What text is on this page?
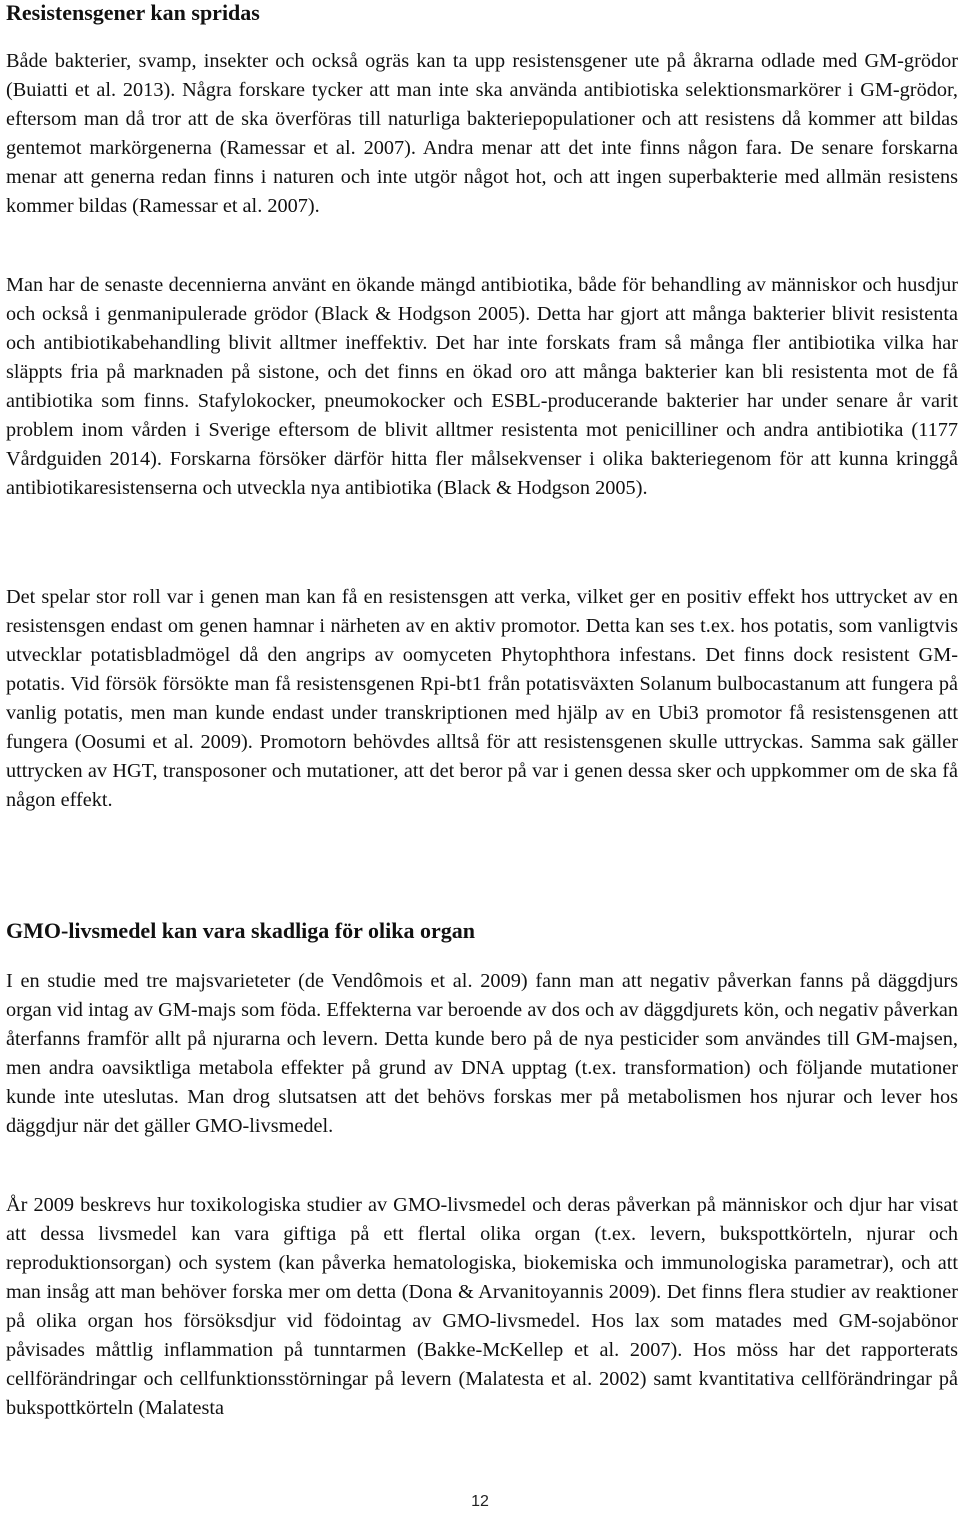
Resistensgener kan spridas

Både bakterier, svamp, insekter och också ogräs kan ta upp resistensgener ute på åkrarna odlade med GM-grödor (Buiatti et al. 2013). Några forskare tycker att man inte ska använda antibiotiska selektionsmarkörer i GM-grödor, eftersom man då tror att de ska överföras till naturliga bakteriepopulationer och att resistens då kommer att bildas gentemot markörgenerna (Ramessar et al. 2007). Andra menar att det inte finns någon fara. De senare forskarna menar att generna redan finns i naturen och inte utgör något hot, och att ingen superbakterie med allmän resistens kommer bildas (Ramessar et al. 2007).

Man har de senaste decennierna använt en ökande mängd antibiotika, både för behandling av människor och husdjur och också i genmanipulerade grödor (Black & Hodgson 2005). Detta har gjort att många bakterier blivit resistenta och antibiotikabehandling blivit alltmer ineffektiv. Det har inte forskats fram så många fler antibiotika vilka har släppts fria på marknaden på sistone, och det finns en ökad oro att många bakterier kan bli resistenta mot de få antibiotika som finns. Stafylokocker, pneumokocker och ESBL-producerande bakterier har under senare år varit problem inom vården i Sverige eftersom de blivit alltmer resistenta mot penicilliner och andra antibiotika (1177 Vårdguiden 2014). Forskarna försöker därför hitta fler målsekvenser i olika bakteriegenom för att kunna kringgå antibiotikaresistenserna och utveckla nya antibiotika (Black & Hodgson 2005).

Det spelar stor roll var i genen man kan få en resistensgen att verka, vilket ger en positiv effekt hos uttrycket av en resistensgen endast om genen hamnar i närheten av en aktiv promotor. Detta kan ses t.ex. hos potatis, som vanligtvis utvecklar potatisbladmögel då den angrips av oomyceten Phytophthora infestans. Det finns dock resistent GM-potatis. Vid försök försökte man få resistensgenen Rpi-bt1 från potatisväxten Solanum bulbocastanum att fungera på vanlig potatis, men man kunde endast under transkriptionen med hjälp av en Ubi3 promotor få resistensgenen att fungera (Oosumi et al. 2009). Promotorn behövdes alltså för att resistensgenen skulle uttryckas. Samma sak gäller uttrycken av HGT, transposoner och mutationer, att det beror på var i genen dessa sker och uppkommer om de ska få någon effekt.

GMO-livsmedel kan vara skadliga för olika organ

I en studie med tre majsvarieteter (de Vendômois et al. 2009) fann man att negativ påverkan fanns på däggdjurs organ vid intag av GM-majs som föda. Effekterna var beroende av dos och av däggdjurets kön, och negativ påverkan återfanns framför allt på njurarna och levern. Detta kunde bero på de nya pesticider som användes till GM-majsen, men andra oavsiktliga metabola effekter på grund av DNA upptag (t.ex. transformation) och följande mutationer kunde inte uteslutas. Man drog slutsatsen att det behövs forskas mer på metabolismen hos njurar och lever hos däggdjur när det gäller GMO-livsmedel.

År 2009 beskrevs hur toxikologiska studier av GMO-livsmedel och deras påverkan på människor och djur har visat att dessa livsmedel kan vara giftiga på ett flertal olika organ (t.ex. levern, bukspottkörteln, njurar och reproduktionsorgan) och system (kan påverka hematologiska, biokemiska och immunologiska parametrar), och att man insåg att man behöver forska mer om detta (Dona & Arvanitoyannis 2009). Det finns flera studier av reaktioner på olika organ hos försöksdjur vid födointag av GMO-livsmedel. Hos lax som matades med GM-sojabönor påvisades måttlig inflammation på tunntarmen (Bakke-McKellep et al. 2007). Hos möss har det rapporterats cellförändringar och cellfunktionsstörningar på levern (Malatesta et al. 2002) samt kvantitativa cellförändringar på bukspottkörteln (Malatesta

12
